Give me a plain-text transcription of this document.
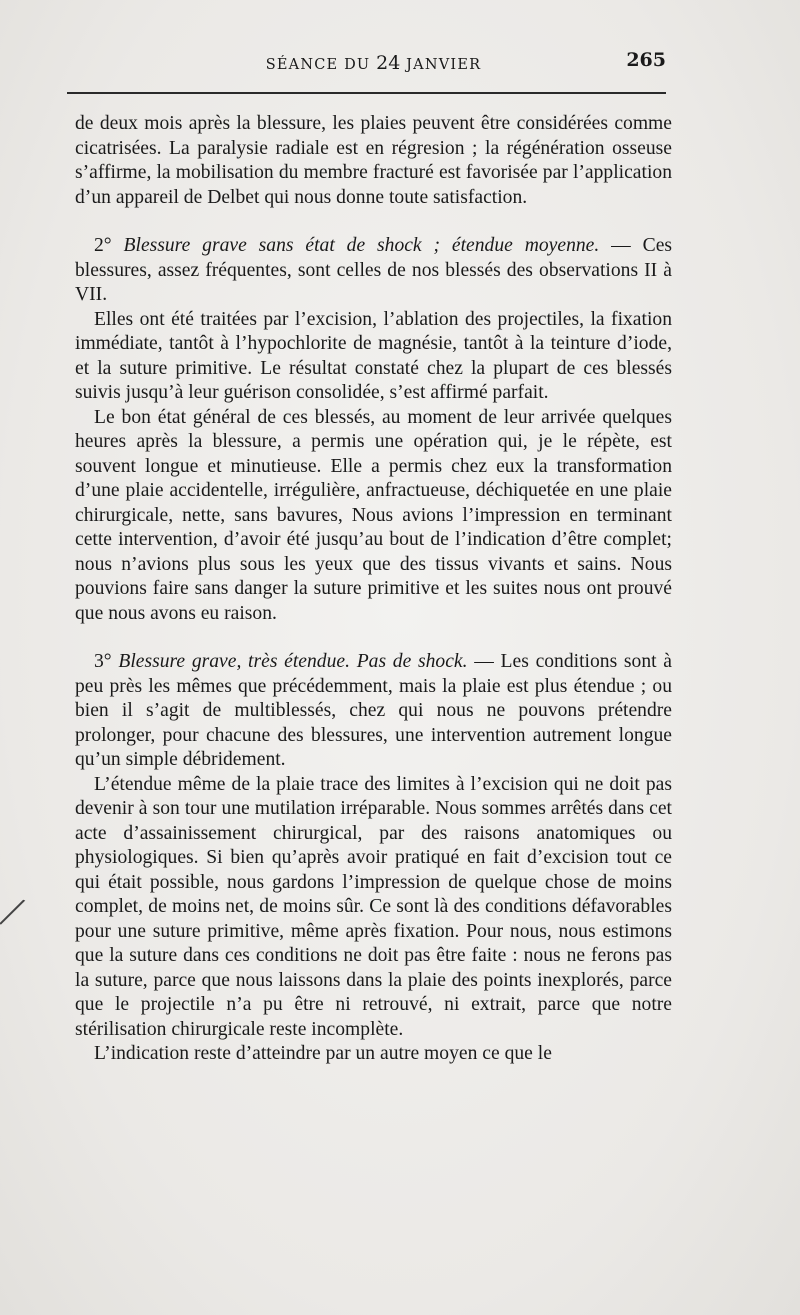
SÉANCE DU 24 JANVIER	265

de deux mois après la blessure, les plaies peuvent être considérées comme cicatrisées. La paralysie radiale est en régresion ; la régénération osseuse s’affirme, la mobilisation du membre fracturé est favorisée par l’application d’un appareil de Delbet qui nous donne toute satisfaction.

2° Blessure grave sans état de shock ; étendue moyenne. — Ces blessures, assez fréquentes, sont celles de nos blessés des observations II à VII.

Elles ont été traitées par l’excision, l’ablation des projectiles, la fixation immédiate, tantôt à l’hypochlorite de magnésie, tantôt à la teinture d’iode, et la suture primitive. Le résultat constaté chez la plupart de ces blessés suivis jusqu’à leur guérison consolidée, s’est affirmé parfait.

Le bon état général de ces blessés, au moment de leur arrivée quelques heures après la blessure, a permis une opération qui, je le répète, est souvent longue et minutieuse. Elle a permis chez eux la transformation d’une plaie accidentelle, irrégulière, anfractueuse, déchiquetée en une plaie chirurgicale, nette, sans bavures, Nous avions l’impression en terminant cette intervention, d’avoir été jusqu’au bout de l’indication d’être complet; nous n’avions plus sous les yeux que des tissus vivants et sains. Nous pouvions faire sans danger la suture primitive et les suites nous ont prouvé que nous avons eu raison.

3° Blessure grave, très étendue. Pas de shock. — Les conditions sont à peu près les mêmes que précédemment, mais la plaie est plus étendue ; ou bien il s’agit de multiblessés, chez qui nous ne pouvons prétendre prolonger, pour chacune des blessures, une intervention autrement longue qu’un simple débridement.

L’étendue même de la plaie trace des limites à l’excision qui ne doit pas devenir à son tour une mutilation irréparable. Nous sommes arrêtés dans cet acte d’assainissement chirurgical, par des raisons anatomiques ou physiologiques. Si bien qu’après avoir pratiqué en fait d’excision tout ce qui était possible, nous gardons l’impression de quelque chose de moins complet, de moins net, de moins sûr. Ce sont là des conditions défavorables pour une suture primitive, même après fixation. Pour nous, nous estimons que la suture dans ces conditions ne doit pas être faite : nous ne ferons pas la suture, parce que nous laissons dans la plaie des points inexplorés, parce que le projectile n’a pu être ni retrouvé, ni extrait, parce que notre stérilisation chirurgicale reste incomplète.

L’indication reste d’atteindre par un autre moyen ce que le

╱
